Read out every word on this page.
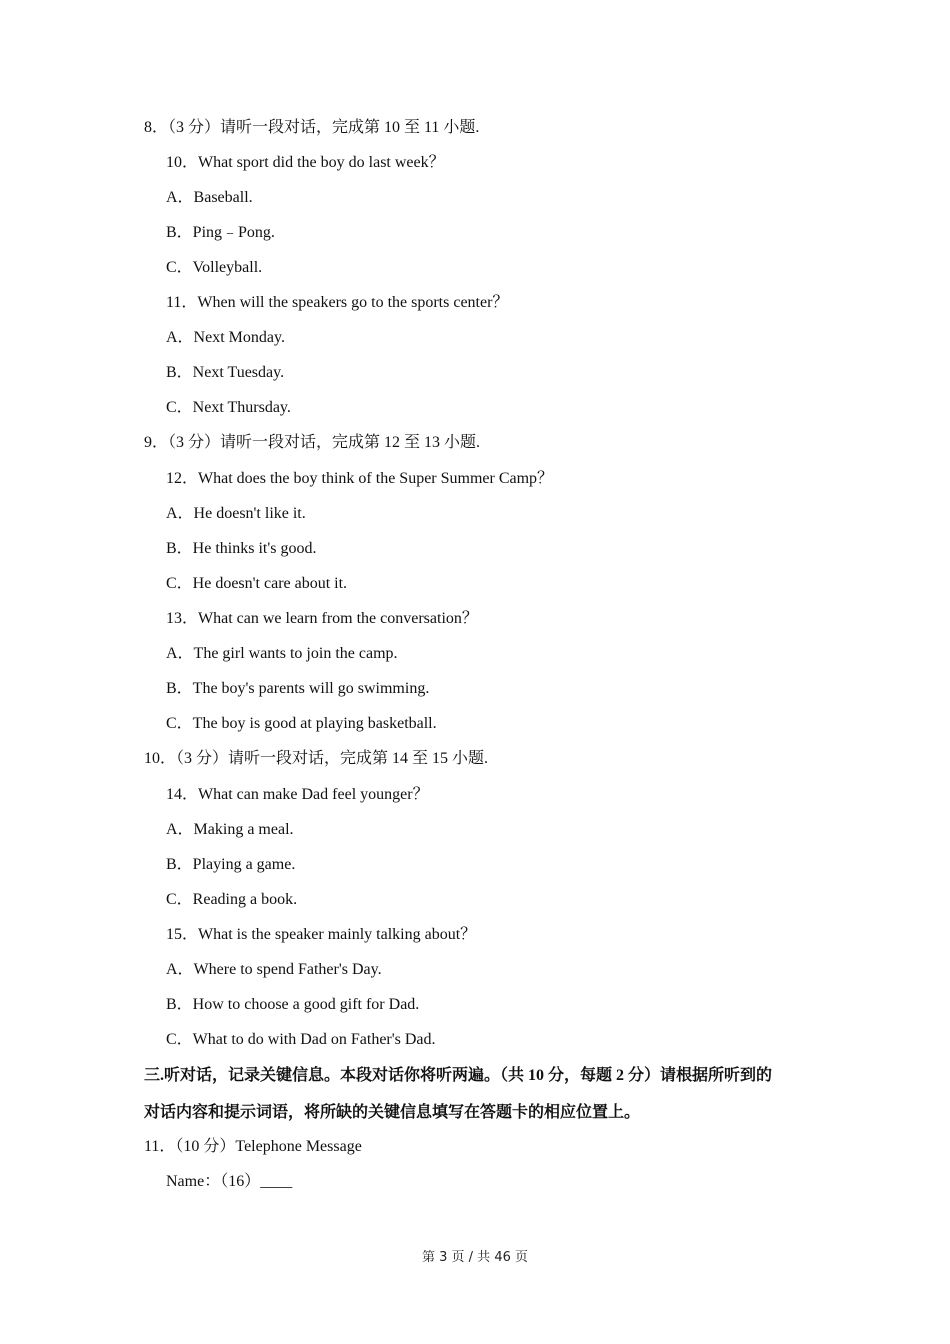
8．（3 分）请听一段对话，完成第 10 至 11 小题.
10．What sport did the boy do last week？
A．Baseball.
B．Ping﹣Pong.
C．Volleyball.
11．When will the speakers go to the sports center？
A．Next Monday.
B．Next Tuesday.
C．Next Thursday.
9．（3 分）请听一段对话，完成第 12 至 13 小题.
12．What does the boy think of the Super Summer Camp？
A．He doesn't like it.
B．He thinks it's good.
C．He doesn't care about it.
13．What can we learn from the conversation？
A．The girl wants to join the camp.
B．The boy's parents will go swimming.
C．The boy is good at playing basketball.
10．（3 分）请听一段对话，完成第 14 至 15 小题.
14．What can make Dad feel younger？
A．Making a meal.
B．Playing a game.
C．Reading a book.
15．What is the speaker mainly talking about？
A．Where to spend Father's Day.
B．How to choose a good gift for Dad.
C．What to do with Dad on Father's Dad.
三.听对话，记录关键信息。本段对话你将听两遍。（共 10 分，每题 2 分）请根据所听到的
对话内容和提示词语，将所缺的关键信息填写在答题卡的相应位置上。
11．（10 分）Telephone Message
Name：（16）____
第 3 页 / 共 46 页
